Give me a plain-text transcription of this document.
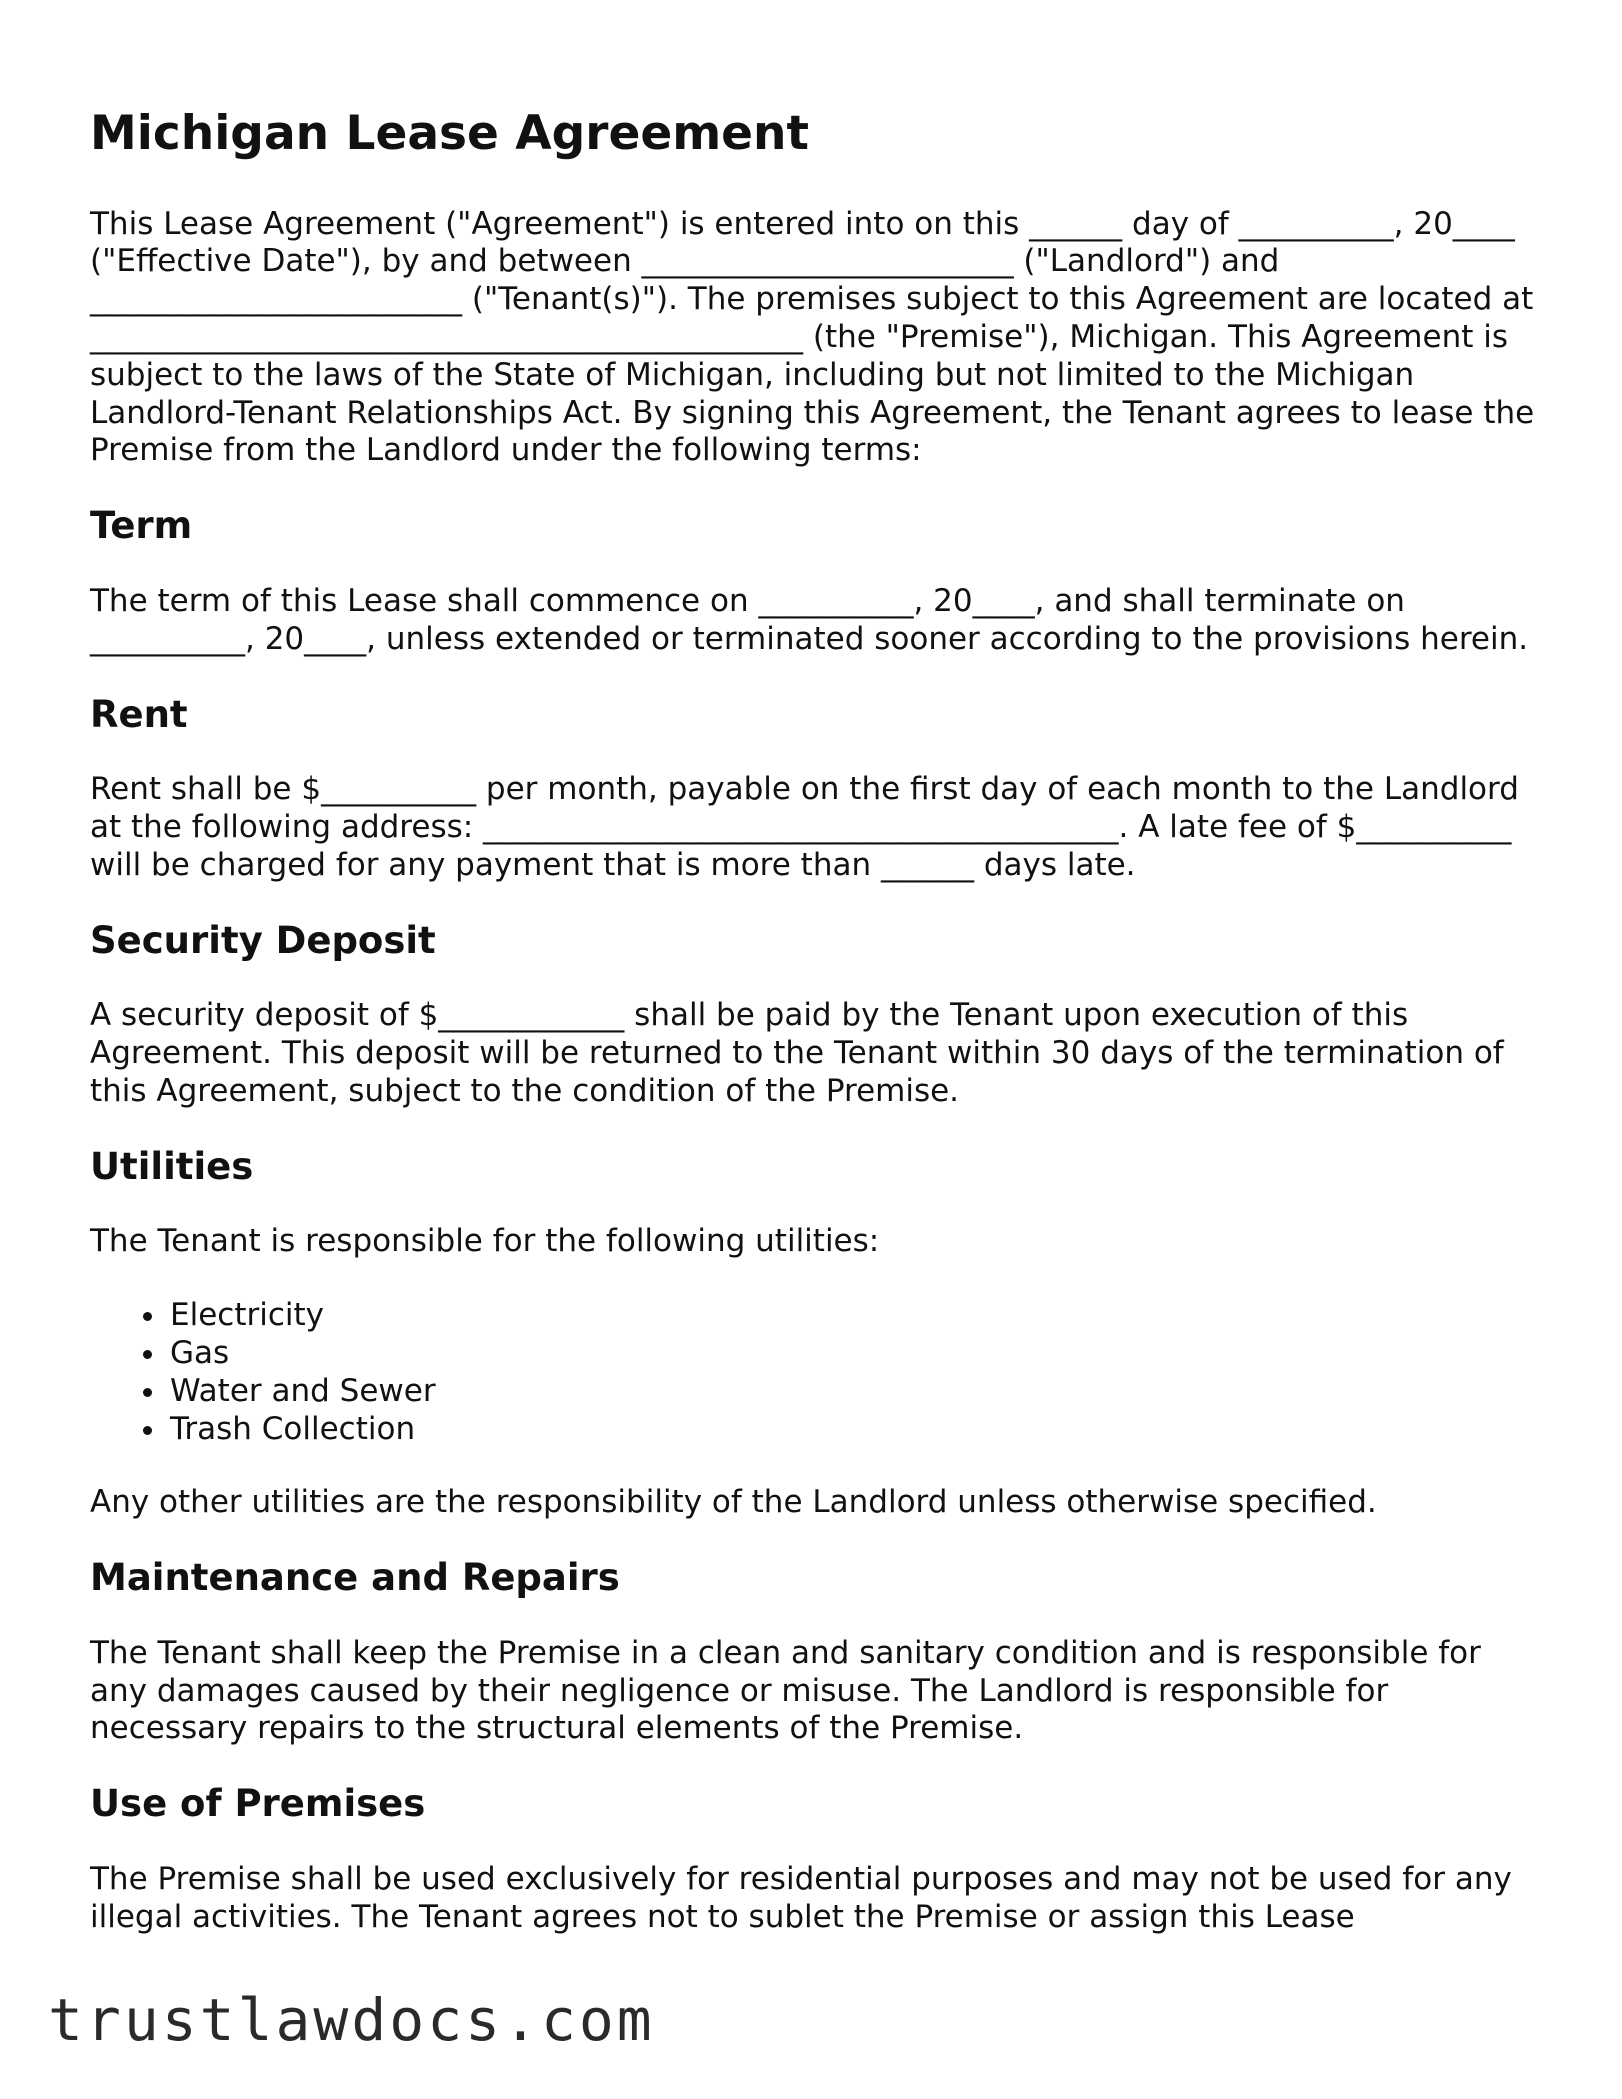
Michigan Lease Agreement

This Lease Agreement ("Agreement") is entered into on this ______ day of __________, 20____ ("Effective Date"), by and between ________________________ ("Landlord") and ________________________ ("Tenant(s)"). The premises subject to this Agreement are located at ______________________________________________ (the "Premise"), Michigan. This Agreement is subject to the laws of the State of Michigan, including but not limited to the Michigan Landlord-Tenant Relationships Act. By signing this Agreement, the Tenant agrees to lease the Premise from the Landlord under the following terms:

Term

The term of this Lease shall commence on __________, 20____, and shall terminate on __________, 20____, unless extended or terminated sooner according to the provisions herein.

Rent

Rent shall be $__________ per month, payable on the first day of each month to the Landlord at the following address: _________________________________________. A late fee of $__________ will be charged for any payment that is more than ______ days late.

Security Deposit

A security deposit of $____________ shall be paid by the Tenant upon execution of this Agreement. This deposit will be returned to the Tenant within 30 days of the termination of this Agreement, subject to the condition of the Premise.

Utilities

The Tenant is responsible for the following utilities:

• Electricity
• Gas
• Water and Sewer
• Trash Collection

Any other utilities are the responsibility of the Landlord unless otherwise specified.

Maintenance and Repairs

The Tenant shall keep the Premise in a clean and sanitary condition and is responsible for any damages caused by their negligence or misuse. The Landlord is responsible for necessary repairs to the structural elements of the Premise.

Use of Premises

The Premise shall be used exclusively for residential purposes and may not be used for any illegal activities. The Tenant agrees not to sublet the Premise or assign this Lease

trustlawdocs.com
